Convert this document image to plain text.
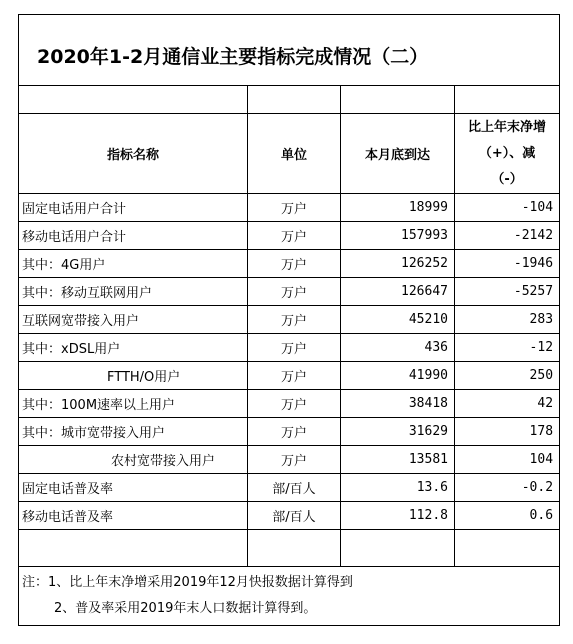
2020年1-2月通信业主要指标完成情况（二）			

指标名称	单位	本月底到达	比上年末净增
（+）、减
（-）

固定电话用户合计	万户	18999	-104
移动电话用户合计	万户	157993	-2142
其中：4G用户	万户	126252	-1946
其中：移动互联网用户	万户	126647	-5257
互联网宽带接入用户	万户	45210	283
其中：xDSL用户	万户	436	-12
FTTH/O用户	万户	41990	250
其中：100M速率以上用户	万户	38418	42
其中：城市宽带接入用户	万户	31629	178
农村宽带接入用户	万户	13581	104
固定电话普及率	部/百人	13.6	-0.2
移动电话普及率	部/百人	112.8	0.6

注：1、比上年末净增采用2019年12月快报数据计算得到
2、普及率采用2019年末人口数据计算得到。			
